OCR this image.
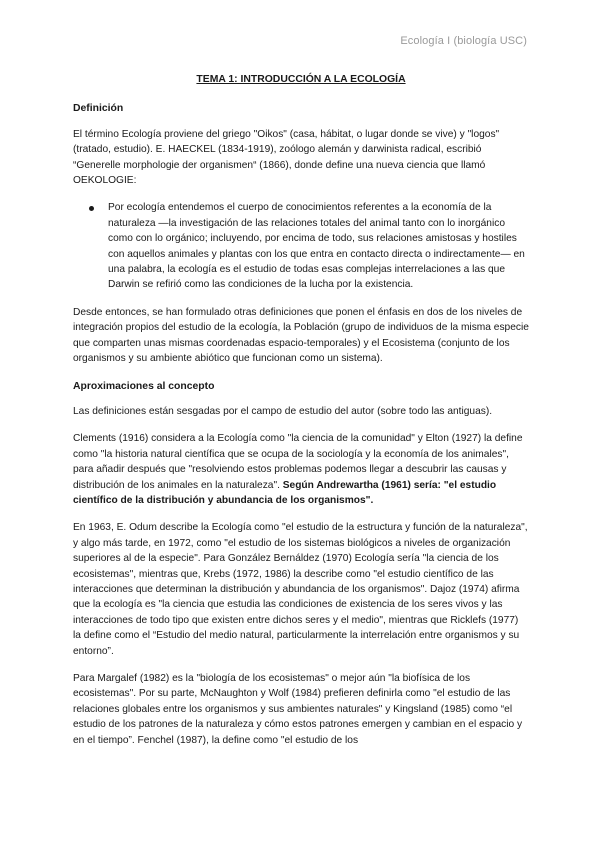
Ecología I (biología USC)
TEMA 1: INTRODUCCIÓN A LA ECOLOGÍA
Definición

El término Ecología proviene del griego "Oikos" (casa, hábitat, o lugar donde se vive) y "logos" (tratado, estudio). E. HAECKEL (1834-1919), zoólogo alemán y darwinista radical, escribió “Generelle morphologie der organismen“ (1866), donde define una nueva ciencia que llamó OEKOLOGIE:

Por ecología entendemos el cuerpo de conocimientos referentes a la economía de la naturaleza —la investigación de las relaciones totales del animal tanto con lo inorgánico como con lo orgánico; incluyendo, por encima de todo, sus relaciones amistosas y hostiles con aquellos animales y plantas con los que entra en contacto directa o indirectamente— en una palabra, la ecología es el estudio de todas esas complejas interrelaciones a las que Darwin se refirió como las condiciones de la lucha por la existencia.

Desde entonces, se han formulado otras definiciones que ponen el énfasis en dos de los niveles de integración propios del estudio de la ecología, la Población (grupo de individuos de la misma especie que comparten unas mismas coordenadas espacio-temporales) y el Ecosistema (conjunto de los organismos y su ambiente abiótico que funcionan como un sistema).

Aproximaciones al concepto

Las definiciones están sesgadas por el campo de estudio del autor (sobre todo las antiguas).

Clements (1916) considera a la Ecología como "la ciencia de la comunidad" y Elton (1927) la define como "la historia natural científica que se ocupa de la sociología y la economía de los animales", para añadir después que "resolviendo estos problemas podemos llegar a descubrir las causas y distribución de los animales en la naturaleza". Según Andrewartha (1961) sería: "el estudio científico de la distribución y abundancia de los organismos".

En 1963, E. Odum describe la Ecología como "el estudio de la estructura y función de la naturaleza", y algo más tarde, en 1972, como "el estudio de los sistemas biológicos a niveles de organización superiores al de la especie". Para González Bernáldez (1970) Ecología sería "la ciencia de los ecosistemas", mientras que, Krebs (1972, 1986) la describe como "el estudio científico de las interacciones que determinan la distribución y abundancia de los organismos". Dajoz (1974) afirma que la ecología es "la ciencia que estudia las condiciones de existencia de los seres vivos y las interacciones de todo tipo que existen entre dichos seres y el medio", mientras que Ricklefs (1977) la define como el “Estudio del medio natural, particularmente la interrelación entre organismos y su entorno”.

Para Margalef (1982) es la "biología de los ecosistemas" o mejor aún "la biofísica de los ecosistemas". Por su parte, McNaughton y Wolf (1984) prefieren definirla como "el estudio de las relaciones globales entre los organismos y sus ambientes naturales" y Kingsland (1985) como “el estudio de los patrones de la naturaleza y cómo estos patrones emergen y cambian en el espacio y en el tiempo”. Fenchel (1987), la define como "el estudio de los
